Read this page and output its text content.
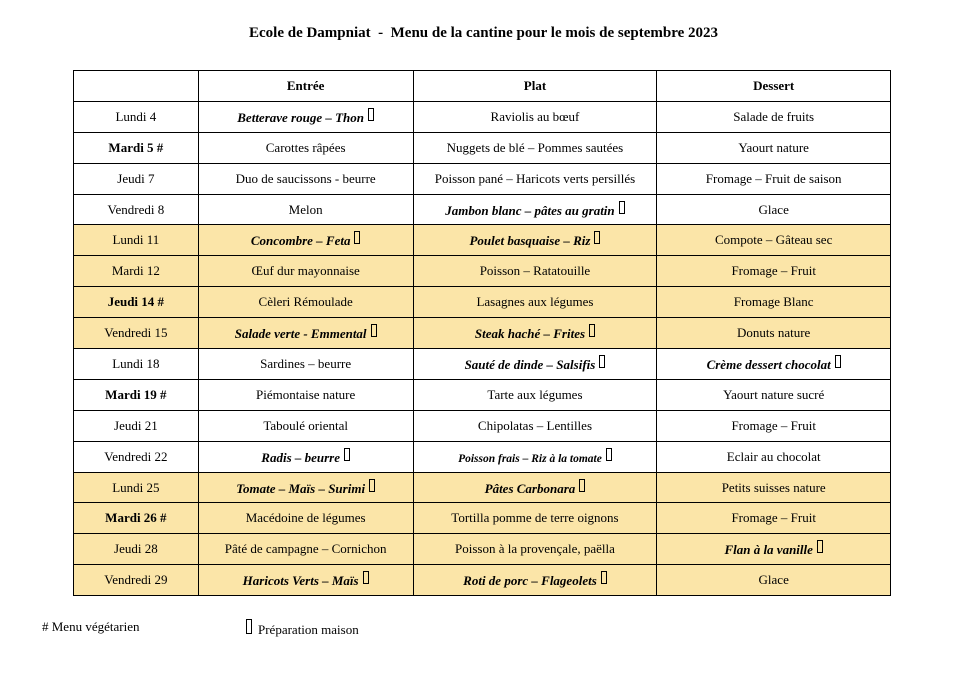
Ecole de Dampniat  -  Menu de la cantine pour le mois de septembre 2023
	Entrée	Plat	Dessert
Lundi 4	Betterave rouge – Thon	Raviolis au bœuf	Salade de fruits
Mardi 5 #	Carottes râpées	Nuggets de blé – Pommes sautées	Yaourt nature
Jeudi 7	Duo de saucissons - beurre	Poisson pané – Haricots verts persillés	Fromage – Fruit de saison
Vendredi 8	Melon	Jambon blanc – pâtes au gratin	Glace
Lundi 11	Concombre – Feta	Poulet basquaise – Riz	Compote – Gâteau sec
Mardi 12	Œuf dur mayonnaise	Poisson – Ratatouille	Fromage – Fruit
Jeudi 14 #	Cèleri Rémoulade	Lasagnes aux légumes	Fromage Blanc
Vendredi 15	Salade verte - Emmental	Steak haché – Frites	Donuts nature
Lundi 18	Sardines – beurre	Sauté de dinde – Salsifis	Crème dessert chocolat
Mardi 19 #	Piémontaise nature	Tarte aux légumes	Yaourt nature sucré
Jeudi 21	Taboulé oriental	Chipolatas – Lentilles	Fromage – Fruit
Vendredi 22	Radis – beurre	Poisson frais – Riz à la tomate	Eclair au chocolat
Lundi 25	Tomate – Maïs – Surimi	Pâtes Carbonara	Petits suisses nature
Mardi 26 #	Macédoine de légumes	Tortilla pomme de terre oignons	Fromage – Fruit
Jeudi 28	Pâté de campagne – Cornichon	Poisson à la provençale, paëlla	Flan à la vanille
Vendredi 29	Haricots Verts – Maïs	Roti de porc – Flageolets	Glace
# Menu végétarien	Préparation maison
